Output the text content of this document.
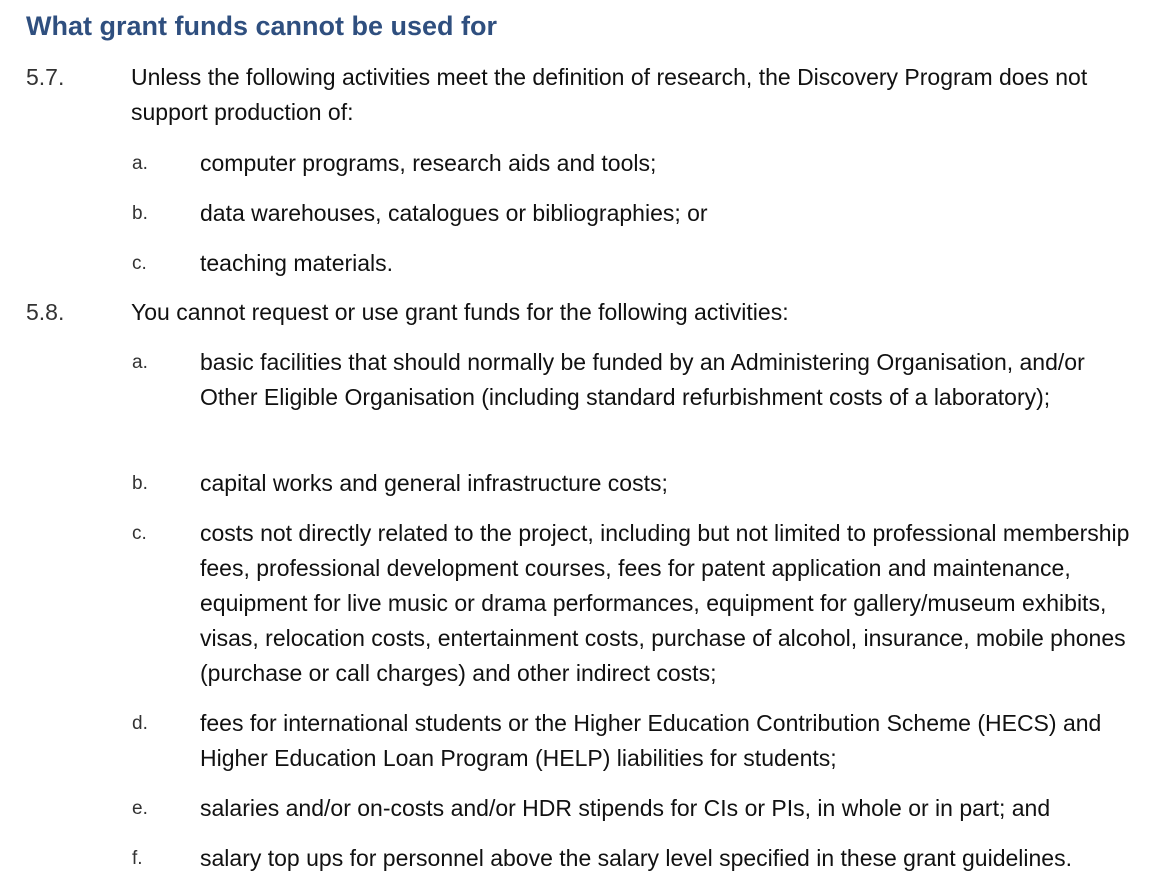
What grant funds cannot be used for
5.7.	Unless the following activities meet the definition of research, the Discovery Program does not support production of:
a. computer programs, research aids and tools;
b. data warehouses, catalogues or bibliographies; or
c. teaching materials.
5.8.	You cannot request or use grant funds for the following activities:
a. basic facilities that should normally be funded by an Administering Organisation, and/or Other Eligible Organisation (including standard refurbishment costs of a laboratory);
b. capital works and general infrastructure costs;
c. costs not directly related to the project, including but not limited to professional membership fees, professional development courses, fees for patent application and maintenance, equipment for live music or drama performances, equipment for gallery/museum exhibits, visas, relocation costs, entertainment costs, purchase of alcohol, insurance, mobile phones (purchase or call charges) and other indirect costs;
d. fees for international students or the Higher Education Contribution Scheme (HECS) and Higher Education Loan Program (HELP) liabilities for students;
e. salaries and/or on-costs and/or HDR stipends for CIs or PIs, in whole or in part; and
f. salary top ups for personnel above the salary level specified in these grant guidelines.
